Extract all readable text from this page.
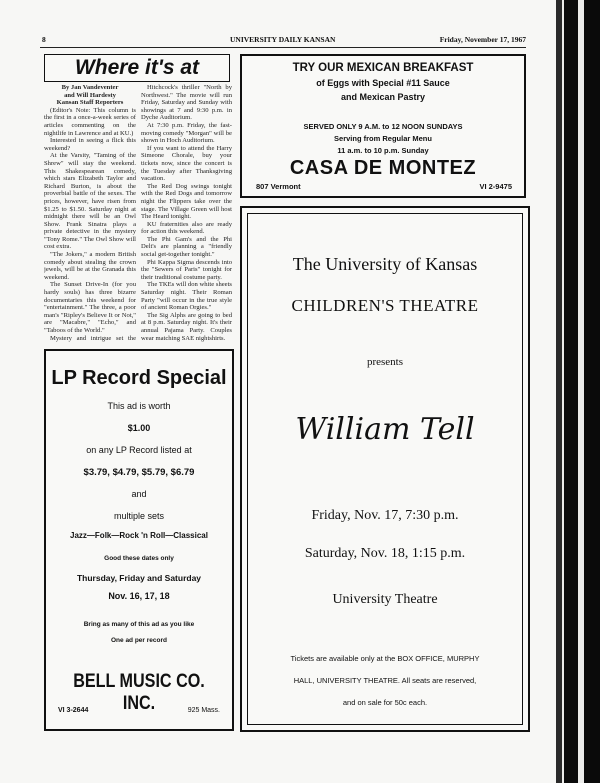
8	UNIVERSITY DAILY KANSAN	Friday, November 17, 1967
Where it's at

By Jan Vandeventer

and Will Hardesty

Kansan Staff Reporters

(Editor's Note: This column is the first in a once-a-week series of articles commenting on the nightlife in Lawrence and at KU.)

Interested in seeing a flick this weekend?

At the Varsity, "Taming of the Shrew" will stay the weekend. This Shakespearean comedy, which stars Elizabeth Taylor and Richard Burton, is about the proverbial battle of the sexes. The prices, however, have risen from $1.25 to $1.50. Saturday night at midnight there will be an Owl Show. Frank Sinatra plays a private detective in the mystery "Tony Rome." The Owl Show will cost extra.

"The Jokers," a modern British comedy about stealing the crown jewels, will be at the Granada this weekend.

The Sunset Drive-In (for you hardy souls) has three bizarre documentaries this weekend for "entertainment." The three, a poor man's "Ripley's Believe It or Not," are "Macabre," "Echo," and "Taboos of the World."

Mystery and intrigue set the

Hitchcock's thriller "North by Northwest." The movie will run Friday, Saturday and Sunday with showings at 7 and 9:30 p.m. in Dyche Auditorium.

At 7:30 p.m. Friday, the fast-moving comedy "Morgan" will be shown in Hoch Auditorium.

If you want to attend the Harry Simeone Chorale, buy your tickets now, since the concert is the Tuesday after Thanksgiving vacation.

The Red Dog swings tonight with the Red Dogs and tomorrow night the Flippers take over the stage. The Village Green will host The Heard tonight.

KU fraternities also are ready for action this weekend.

The Phi Gam's and the Phi Delt's are planning a "friendly social get-together tonight."

Phi Kappa Sigma descends into the "Sewers of Paris" tonight for their traditional costume party.

The TKEs will don white sheets Saturday night. Their Roman Party "will occur in the true style of ancient Roman Orgies."

The Sig Alphs are going to bed at 8 p.m. Saturday night. It's their annual Pajama Party. Couples wear matching SAE nightshirts.

TRY OUR MEXICAN BREAKFAST
of Eggs with Special #11 Sauce
and Mexican Pastry
SERVED ONLY 9 A.M. to 12 NOON SUNDAYS
Serving from Regular Menu
11 a.m. to 10 p.m. Sunday
CASA DE MONTEZ
807 Vermont	VI 2-9475
LP Record Special
This ad is worth
$1.00
on any LP Record listed at
$3.79, $4.79, $5.79, $6.79
and
multiple sets
Jazz—Folk—Rock 'n Roll—Classical
Good these dates only
Thursday, Friday and Saturday
Nov. 16, 17, 18
Bring as many of this ad as you like
One ad per record
BELL MUSIC CO. INC.
VI 3-2644	925 Mass.
The University of Kansas
CHILDREN'S THEATRE
presents
William Tell
Friday, Nov. 17, 7:30 p.m.
Saturday, Nov. 18, 1:15 p.m.
University Theatre
Tickets are available only at the BOX OFFICE, MURPHY
HALL, UNIVERSITY THEATRE. All seats are reserved,
and on sale for 50c each.
